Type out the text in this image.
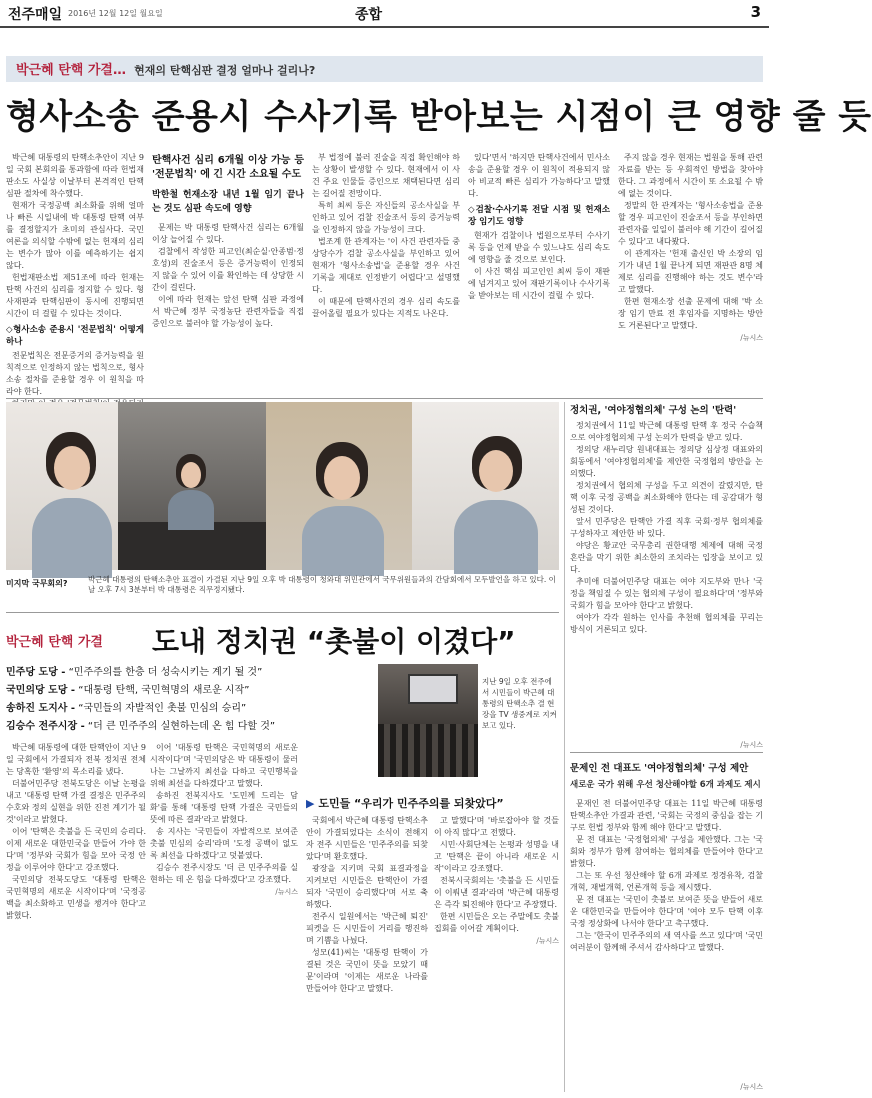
전주매일 2016년 12월 12일 월요일	종합	3
박근혜 탄핵 가결… 현재의 탄핵심판 결정 얼마나 걸리나?
형사소송 준용시 수사기록 받아보는 시점이 큰 영향 줄 듯

박근혜 대통령의 탄핵소추안이 지난 9일 국회 본회의를 통과함에 따라 헌법재판소도 사실상 이날부터 본격적인 탄핵심판 절차에 착수했다.

현재가 국정공백 최소화를 위해 얼마나 빠른 시일내에 박 대통령 탄핵 여부를 결정할지가 초미의 관심사다. 국민 여론을 의식할 수밖에 없는 헌재의 심리는 변수가 많아 이를 예측하기는 쉽지 않다.

헌법재판소법 제51조에 따라 헌재는 탄핵 사건의 심리를 정지할 수 있다. 형사재판과 탄핵심판이 동시에 진행되면 시간이 더 걸릴 수 있다는 것이다.

◇형사소송 준용시 '전문법칙' 어떻게 하나

전문법칙은 전문증거의 증거능력을 원칙적으로 인정하지 않는 법칙으로, 형사소송 절차를 준용할 경우 이 원칙을 따라야 한다.

탄핵사건 심리 6개월 이상 가능 등 '전문법칙' 에 긴 시간 소요될 수도
박한철 헌재소장 내년 1월 임기 끝나는 것도 심판 속도에 영향

문제는 박 대통령 탄핵사건 심리는 6개월 이상 늘어질 수 있다.

검찰에서 작성한 피고인(최순실·안종범·정호성)의 진술조서 등은 증거능력이 인정되지 않을 수 있어 이를 확인하는 데 상당한 시간이 걸린다.

이에 따라 헌재는 앞선 탄핵 심판 과정에서 박근혜 정부 국정농단 관련자들을 직접 증인으로 불러야 할 가능성이 높다.

부 법정에 불러 진술을 직접 확인해야 하는 상황이 발생할 수 있다. 현재에서 이 사건 주요 인물들 증인으로 채택된다면 심리는 길어질 전망이다.

특히 최씨 등은 자신들의 공소사실을 부인하고 있어 검찰 진술조서 등의 증거능력을 인정하지 않을 가능성이 크다.

법조계 한 관계자는 '이 사건 관련자들 중 상당수가 검찰 공소사실을 부인하고 있어 현재가 '형사소송법'을 준용할 경우 사건 기록을 제대로 인정받기 어렵다'고 설명했다.

이 때문에 탄핵사건의 경우 심리 속도를 끌어올릴 필요가 있다는 지적도 나온다.

있다'면서 '하지만 탄핵사건에서 민사소송을 준용할 경우 이 원칙이 적용되지 않아 비교적 빠른 심리가 가능하다'고 말했다.

◇검찰·수사기록 전달 시점 및 헌재소장 임기도 영향

현재가 검찰이나 법원으로부터 수사기록 등을 언제 받을 수 있느냐도 심리 속도에 영향을 줄 것으로 보인다.

이 사건 핵심 피고인인 최씨 등이 재판에 넘겨지고 있어 재판기록이나 수사기록을 받아보는 데 시간이 걸릴 수 있다.

주지 않을 경우 현재는 법원을 통해 관련 자료를 받는 등 우회적인 방법을 찾아야 한다. 그 과정에서 시간이 또 소요될 수 밖에 없는 것이다.

정말의 한 관계자는 '형사소송법을 준용할 경우 피고인이 진술조서 등을 부인하면 관련자를 일일이 불러야 해 기간이 길어질 수 있다'고 내다봤다.

이 관계자는 '헌재 출신인 박 소장의 임기가 내년 1월 끝나게 되면 재판관 8명 체제로 심리를 진행해야 하는 것도 변수'라고 말했다.

한편 현재소장 선출 문제에 대해 '박 소장 임기 만료 전 후임자를 지명하는 방안도 거론된다'고 말했다.

/뉴시스
미지막 국무회의?	박근혜 대통령의 탄핵소추안 표결이 가결된 지난 9일 오후 박 대통령이 청와대 위민관에서 국무위원들과의 간담회에서 모두발언을 하고 있다. 이날 오후 7시 3분부터 박 대통령은 직무정지됐다.
정치권, '여야정협의체' 구성 논의 '탄력'

정치권에서 11일 박근혜 대통령 탄핵 후 정국 수습책으로 여야정협의체 구성 논의가 탄력을 받고 있다.

정의당 새누리당 원내대표는 정의당 심상정 대표와의 회동에서 '여야정협의체'를 제안한 국정협의 방안을 논의했다.

정치권에서 협의체 구성을 두고 의견이 갈렸지만, 탄핵 이후 국정 공백을 최소화해야 한다는 데 공감대가 형성된 것이다.

앞서 민주당은 탄핵안 가결 직후 국회·정부 협의체를 구성하자고 제안한 바 있다.

야당은 황교안 국무총리 권한대행 체제에 대해 국정 혼란을 막기 위한 최소한의 조치라는 입장을 보이고 있다.

추미애 더불어민주당 대표는 여야 지도부와 만나 '국정을 책임질 수 있는 협의체 구성이 필요하다'며 '정부와 국회가 힘을 모아야 한다'고 밝혔다.

여야가 각각 원하는 인사를 추천해 협의체를 꾸리는 방식이 거론되고 있다.

/뉴시스
문제인 전 대표도 '여야정협의체' 구성 제안
새로운 국가 위해 우선 청산해야할 6개 과제도 제시

문재인 전 더불어민주당 대표는 11일 박근혜 대통령 탄핵소추안 가결과 관련, '국회는 국정의 중심을 잡는 기구로 헌법 정부와 함께 해야 한다'고 말했다.

문 전 대표는 '국정협의체' 구성을 제안했다. 그는 '국회와 정부가 함께 참여하는 협의체를 만들어야 한다'고 밝혔다.

그는 또 우선 청산해야 할 6개 과제로 정경유착, 검찰개혁, 재벌개혁, 언론개혁 등을 제시했다.

문 전 대표는 '국민이 촛불로 보여준 뜻을 받들어 새로운 대한민국을 만들어야 한다'며 '여야 모두 탄핵 이후 국정 정상화에 나서야 한다'고 촉구했다.

그는 '한국이 민주주의의 새 역사를 쓰고 있다'며 '국민 여러분이 함께해 주셔서 감사하다'고 말했다.

/뉴시스
박근혜 탄핵 가결 도내 정치권 “촛불이 이겼다”
민주당 도당 - “민주주의를 한층 더 성숙시키는 계기 될 것”
국민의당 도당 - “대통령 탄핵, 국민혁명의 새로운 시작”
송하진 도지사 - “국민들의 자발적인 촛불 민심의 승리”
김승수 전주시장 - “더 큰 민주주의 실현하는데 온 힘 다할 것”
지난 9일 오후 전주에서 시민들이 박근혜 대통령의 탄핵소추 결 현장을 TV 생중계로 지켜보고 있다.

박근혜 대통령에 대한 탄핵안이 지난 9일 국회에서 가결되자 전북 정치권 전체는 당혹한 '환영'의 목소리를 냈다.

더불어민주당 전북도당은 이날 논평을 내고 '대통령 탄핵 가결 결정은 민주주의 수호와 정의 실현을 위한 진전 계기가 될 것'이라고 밝혔다.

이어 '탄핵은 촛불을 든 국민의 승리다. 이제 새로운 대한민국을 만들어 가야 한다'며 '정부와 국회가 힘을 모아 국정 안정을 이루어야 한다'고 강조했다.

국민의당 전북도당도 '대통령 탄핵은 국민혁명의 새로운 시작이다'며 '국정공백을 최소화하고 민생을 챙겨야 한다'고 밝혔다.

이어 '대통령 탄핵은 국민혁명의 새로운 시작이다'며 '국민의당은 박 대통령이 물러나는 그날까지 최선을 다하고 국민행복을 위해 최선을 다하겠다'고 말했다.

송하진 전북지사도 '도민께 드리는 담화'를 통해 '대통령 탄핵 가결은 국민들의 뜻에 따른 결과'라고 밝혔다.

송 지사는 '국민들이 자발적으로 보여준 촛불 민심의 승리'라며 '도정 공백이 없도록 최선을 다하겠다'고 덧붙였다.

김승수 전주시장도 '더 큰 민주주의를 실현하는 데 온 힘을 다하겠다'고 강조했다.

/뉴시스
▶ 도민들 “우리가 민주주의를 되찾았다”

국회에서 박근혜 대통령 탄핵소추안이 가결되었다는 소식이 전해지자 전주 시민들은 '민주주의를 되찾았다'며 환호했다.

광장을 지키며 국회 표결과정을 지켜보던 시민들은 탄핵안이 가결되자 '국민이 승리했다'며 서로 축하했다.

전주시 일원에서는 '박근혜 퇴진' 피켓을 든 시민들이 거리를 행진하며 기쁨을 나눴다.

성모(41)씨는 '대통령 탄핵이 가결된 것은 국민이 뜻을 모았기 때문'이라며 '이제는 새로운 나라를 만들어야 한다'고 말했다.

고 말했다'며 '바로잡아야 할 것들이 아직 많다'고 전했다.

시민·사회단체는 논평과 성명을 내고 '탄핵은 끝이 아니라 새로운 시작'이라고 강조했다.

전북시국회의는 '촛불을 든 시민들이 이뤄낸 결과'라며 '박근혜 대통령은 즉각 퇴진해야 한다'고 주장했다.

한편 시민들은 오는 주말에도 촛불집회를 이어갈 계획이다.

/뉴시스
